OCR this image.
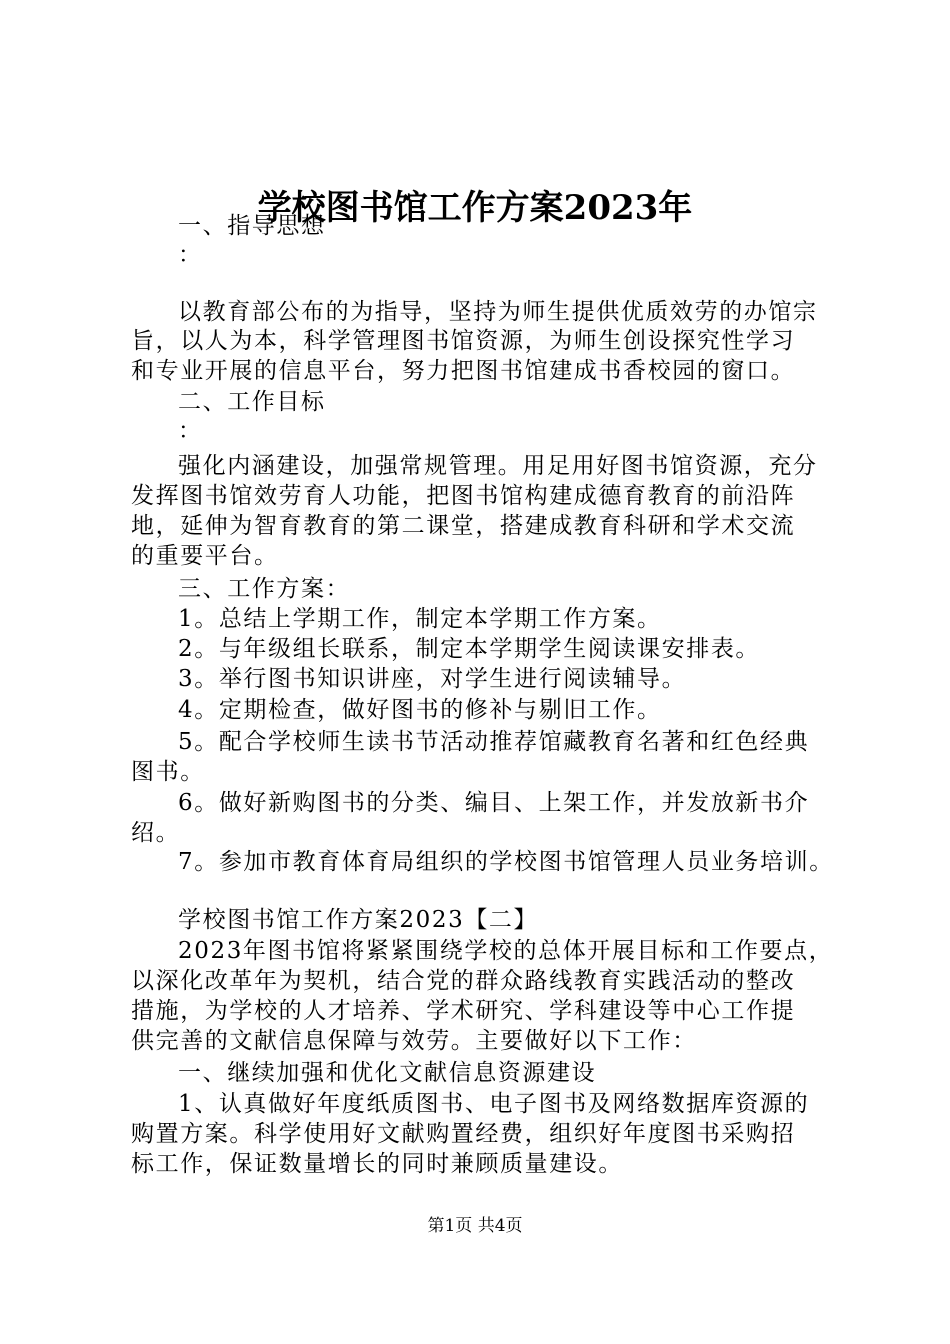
学校图书馆工作方案2023年
一、指导思想
：
以教育部公布的为指导，坚持为师生提供优质效劳的办馆宗
旨，以人为本，科学管理图书馆资源，为师生创设探究性学习
和专业开展的信息平台，努力把图书馆建成书香校园的窗口。
二、工作目标
：
强化内涵建设，加强常规管理。用足用好图书馆资源，充分
发挥图书馆效劳育人功能，把图书馆构建成德育教育的前沿阵
地，延伸为智育教育的第二课堂，搭建成教育科研和学术交流
的重要平台。
三、工作方案：
1。总结上学期工作，制定本学期工作方案。
2。与年级组长联系，制定本学期学生阅读课安排表。
3。举行图书知识讲座，对学生进行阅读辅导。
4。定期检查，做好图书的修补与剔旧工作。
5。配合学校师生读书节活动推荐馆藏教育名著和红色经典
图书。
6。做好新购图书的分类、编目、上架工作，并发放新书介
绍。
7。参加市教育体育局组织的学校图书馆管理人员业务培训。
学校图书馆工作方案2023【二】
2023年图书馆将紧紧围绕学校的总体开展目标和工作要点，
以深化改革年为契机，结合党的群众路线教育实践活动的整改
措施，为学校的人才培养、学术研究、学科建设等中心工作提
供完善的文献信息保障与效劳。主要做好以下工作：
一、继续加强和优化文献信息资源建设
1、认真做好年度纸质图书、电子图书及网络数据库资源的
购置方案。科学使用好文献购置经费，组织好年度图书采购招
标工作，保证数量增长的同时兼顾质量建设。
第1页 共4页
